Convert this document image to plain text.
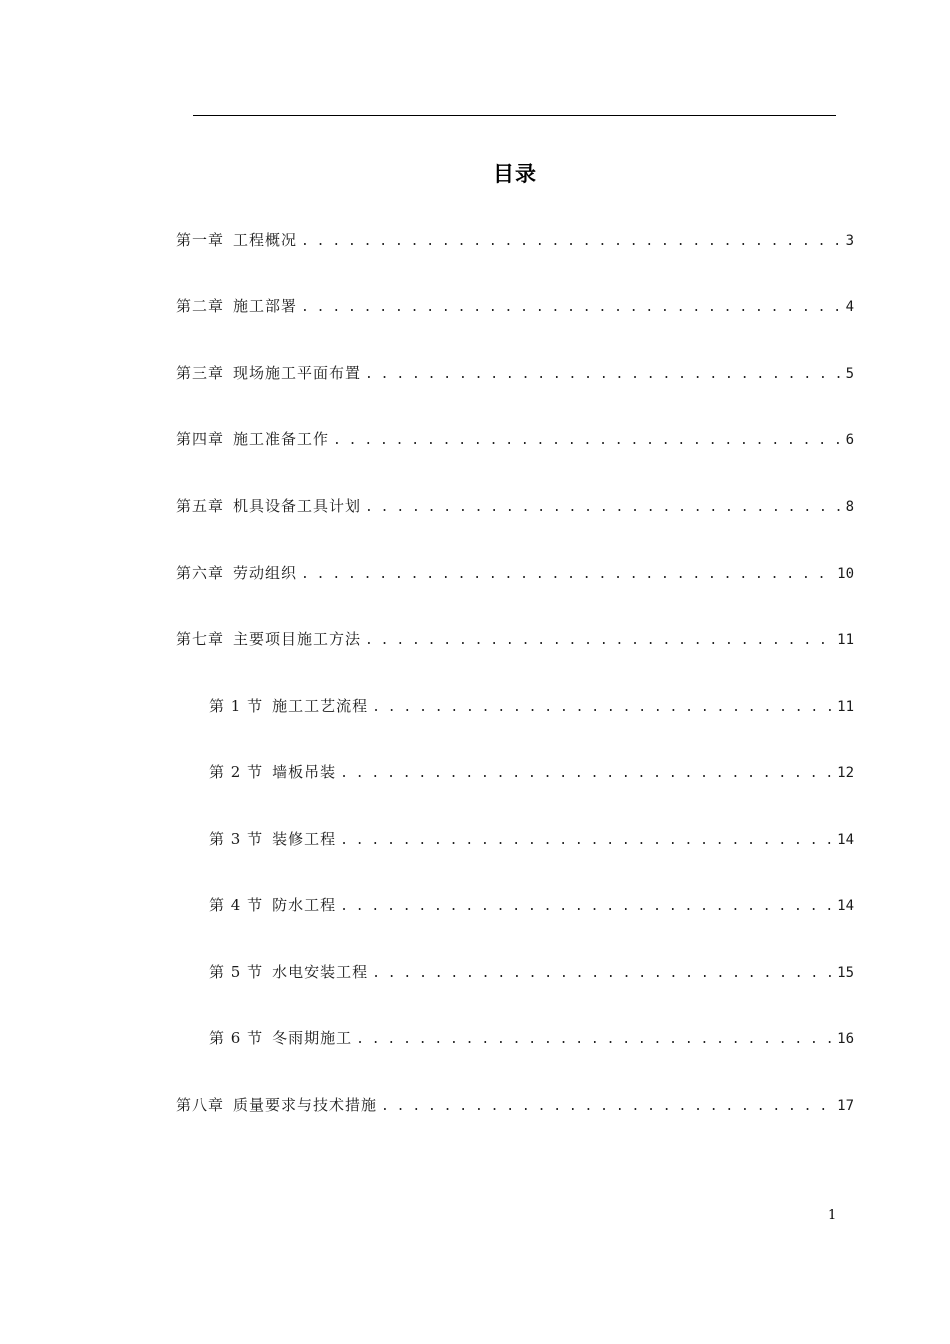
目录
第一章 工程概况 . . .	3
第二章 施工部署 . . .	4
第三章 现场施工平面布置 . . .	5
第四章 施工准备工作 . . .	6
第五章 机具设备工具计划 . . .	8
第六章 劳动组织 . . .	10
第七章 主要项目施工方法 . . .	11
第 1 节 施工工艺流程 . . .	11
第 2 节 墙板吊装 . . .	12
第 3 节 装修工程 . . .	14
第 4 节 防水工程 . . .	14
第 5 节 水电安装工程 . . .	15
第 6 节 冬雨期施工 . . .	16
第八章 质量要求与技术措施 . . .	17
1
